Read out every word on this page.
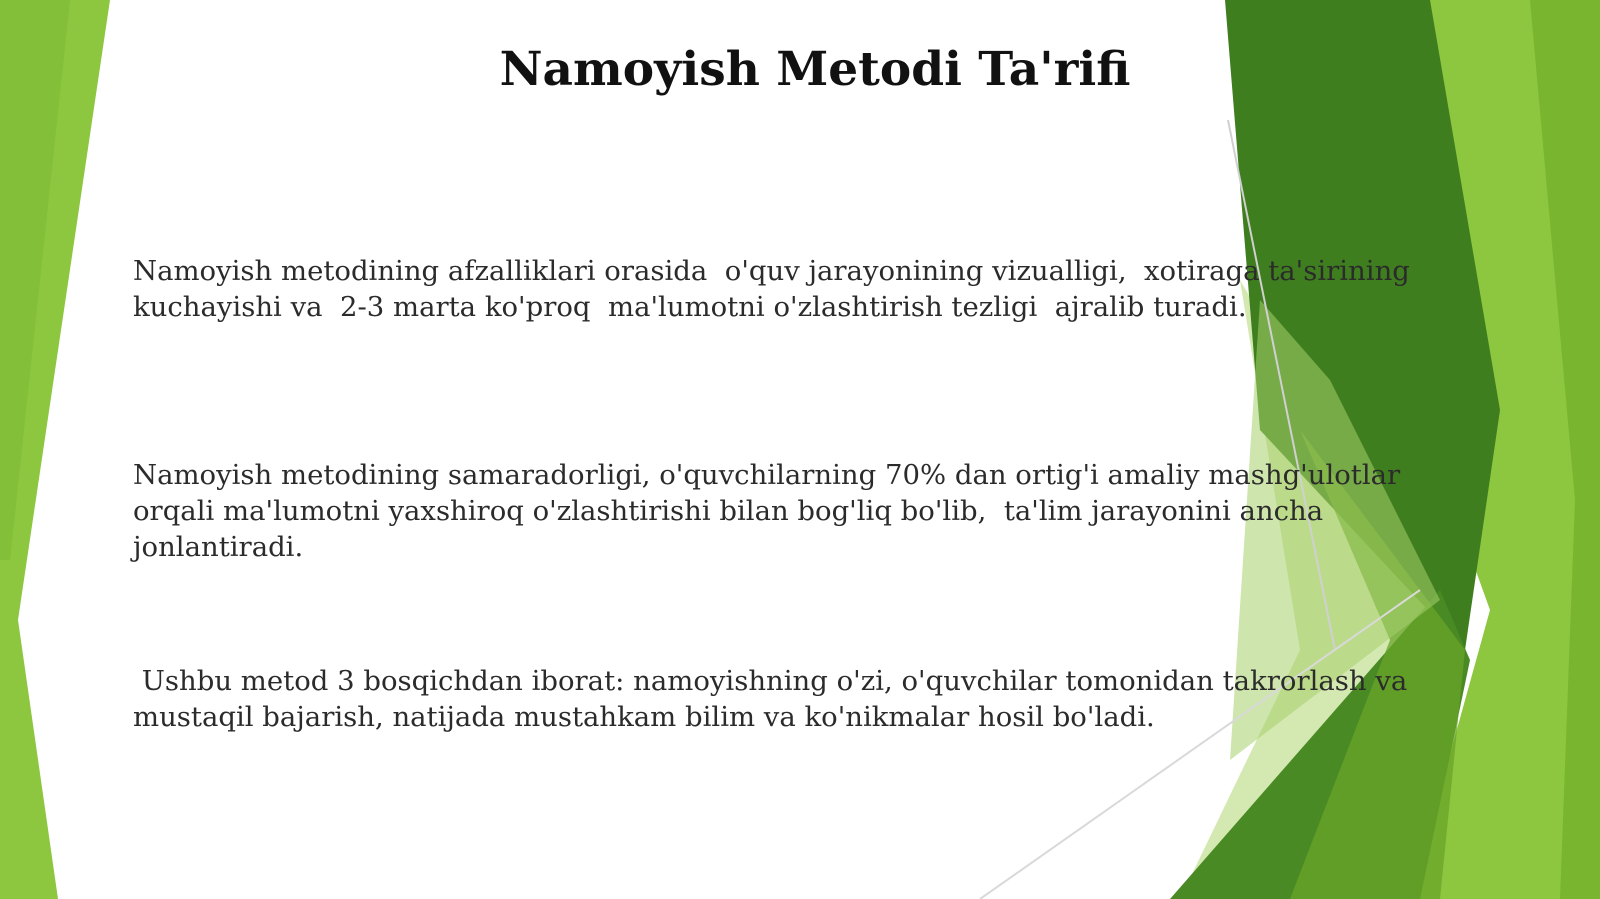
Namoyish Metodi Ta'rifi

Namoyish metodining afzalliklari orasida  o'quv jarayonining vizualligi,  xotiraga ta'sirining
kuchayishi va  2-3 marta ko'proq  ma'lumotni o'zlashtirish tezligi  ajralib turadi.

Namoyish metodining samaradorligi, o'quvchilarning 70% dan ortig'i amaliy mashg'ulotlar
orqali ma'lumotni yaxshiroq o'zlashtirishi bilan bog'liq bo'lib,  ta'lim jarayonini ancha
jonlantiradi.

Ushbu metod 3 bosqichdan iborat: namoyishning o'zi, o'quvchilar tomonidan takrorlash va
mustaqil bajarish, natijada mustahkam bilim va ko'nikmalar hosil bo'ladi.
